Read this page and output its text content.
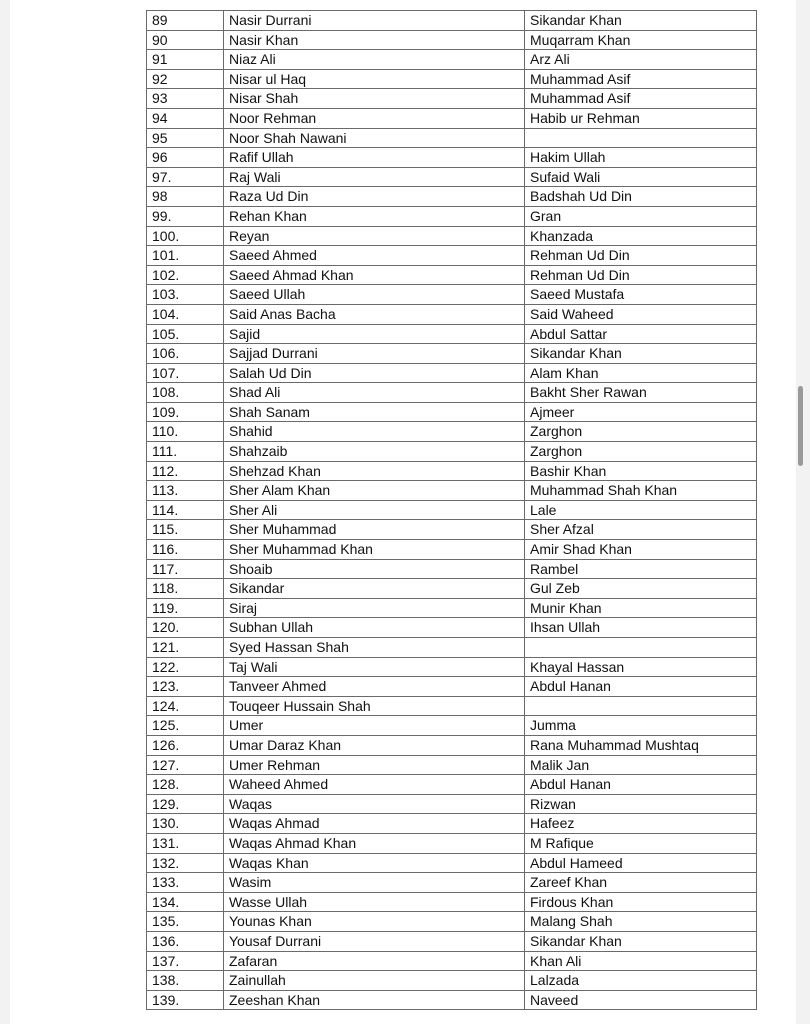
89	Nasir Durrani	Sikandar Khan
90	Nasir Khan	Muqarram Khan
91	Niaz Ali	Arz Ali
92	Nisar ul Haq	Muhammad Asif
93	Nisar Shah	Muhammad Asif
94	Noor Rehman	Habib ur Rehman
95	Noor Shah Nawani	
96	Rafif Ullah	Hakim Ullah
97.	Raj Wali	Sufaid Wali
98	Raza Ud Din	Badshah Ud Din
99.	Rehan Khan	Gran
100.	Reyan	Khanzada
101.	Saeed Ahmed	Rehman Ud Din
102.	Saeed Ahmad Khan	Rehman Ud Din
103.	Saeed Ullah	Saeed Mustafa
104.	Said Anas Bacha	Said Waheed
105.	Sajid	Abdul Sattar
106.	Sajjad Durrani	Sikandar Khan
107.	Salah Ud Din	Alam Khan
108.	Shad Ali	Bakht Sher Rawan
109.	Shah Sanam	Ajmeer
110.	Shahid	Zarghon
111.	Shahzaib	Zarghon
112.	Shehzad Khan	Bashir Khan
113.	Sher Alam Khan	Muhammad Shah Khan
114.	Sher Ali	Lale
115.	Sher Muhammad	Sher Afzal
116.	Sher Muhammad Khan	Amir Shad Khan
117.	Shoaib	Rambel
118.	Sikandar	Gul Zeb
119.	Siraj	Munir Khan
120.	Subhan Ullah	Ihsan Ullah
121.	Syed Hassan Shah	
122.	Taj Wali	Khayal Hassan
123.	Tanveer Ahmed	Abdul Hanan
124.	Touqeer Hussain Shah	
125.	Umer	Jumma
126.	Umar Daraz Khan	Rana Muhammad Mushtaq
127.	Umer Rehman	Malik Jan
128.	Waheed Ahmed	Abdul Hanan
129.	Waqas	Rizwan
130.	Waqas Ahmad	Hafeez
131.	Waqas Ahmad Khan	M Rafique
132.	Waqas Khan	Abdul Hameed
133.	Wasim	Zareef Khan
134.	Wasse Ullah	Firdous Khan
135.	Younas Khan	Malang Shah
136.	Yousaf Durrani	Sikandar Khan
137.	Zafaran	Khan Ali
138.	Zainullah	Lalzada
139.	Zeeshan Khan	Naveed
